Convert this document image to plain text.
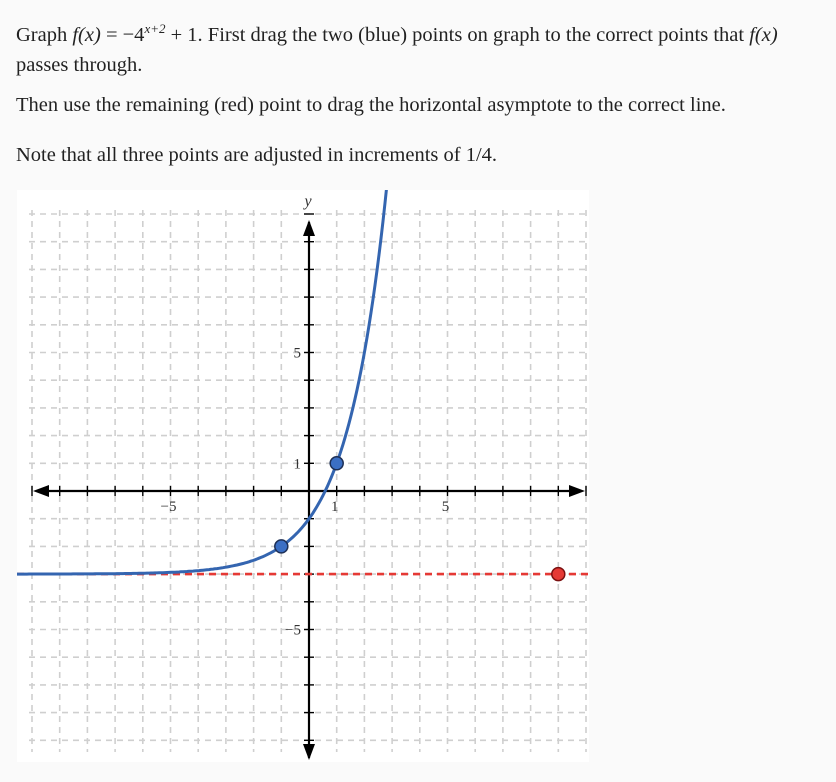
Graph $f(x) = -4^{x+2} + 1$. First drag the two (blue) points on graph to the correct points that f(x)

passes through.

Then use the remaining (red) point to drag the horizontal asymptote to the correct line.
Note that all three points are adjusted in increments of 1/4.
−5	1	5
5
1
−5
y
